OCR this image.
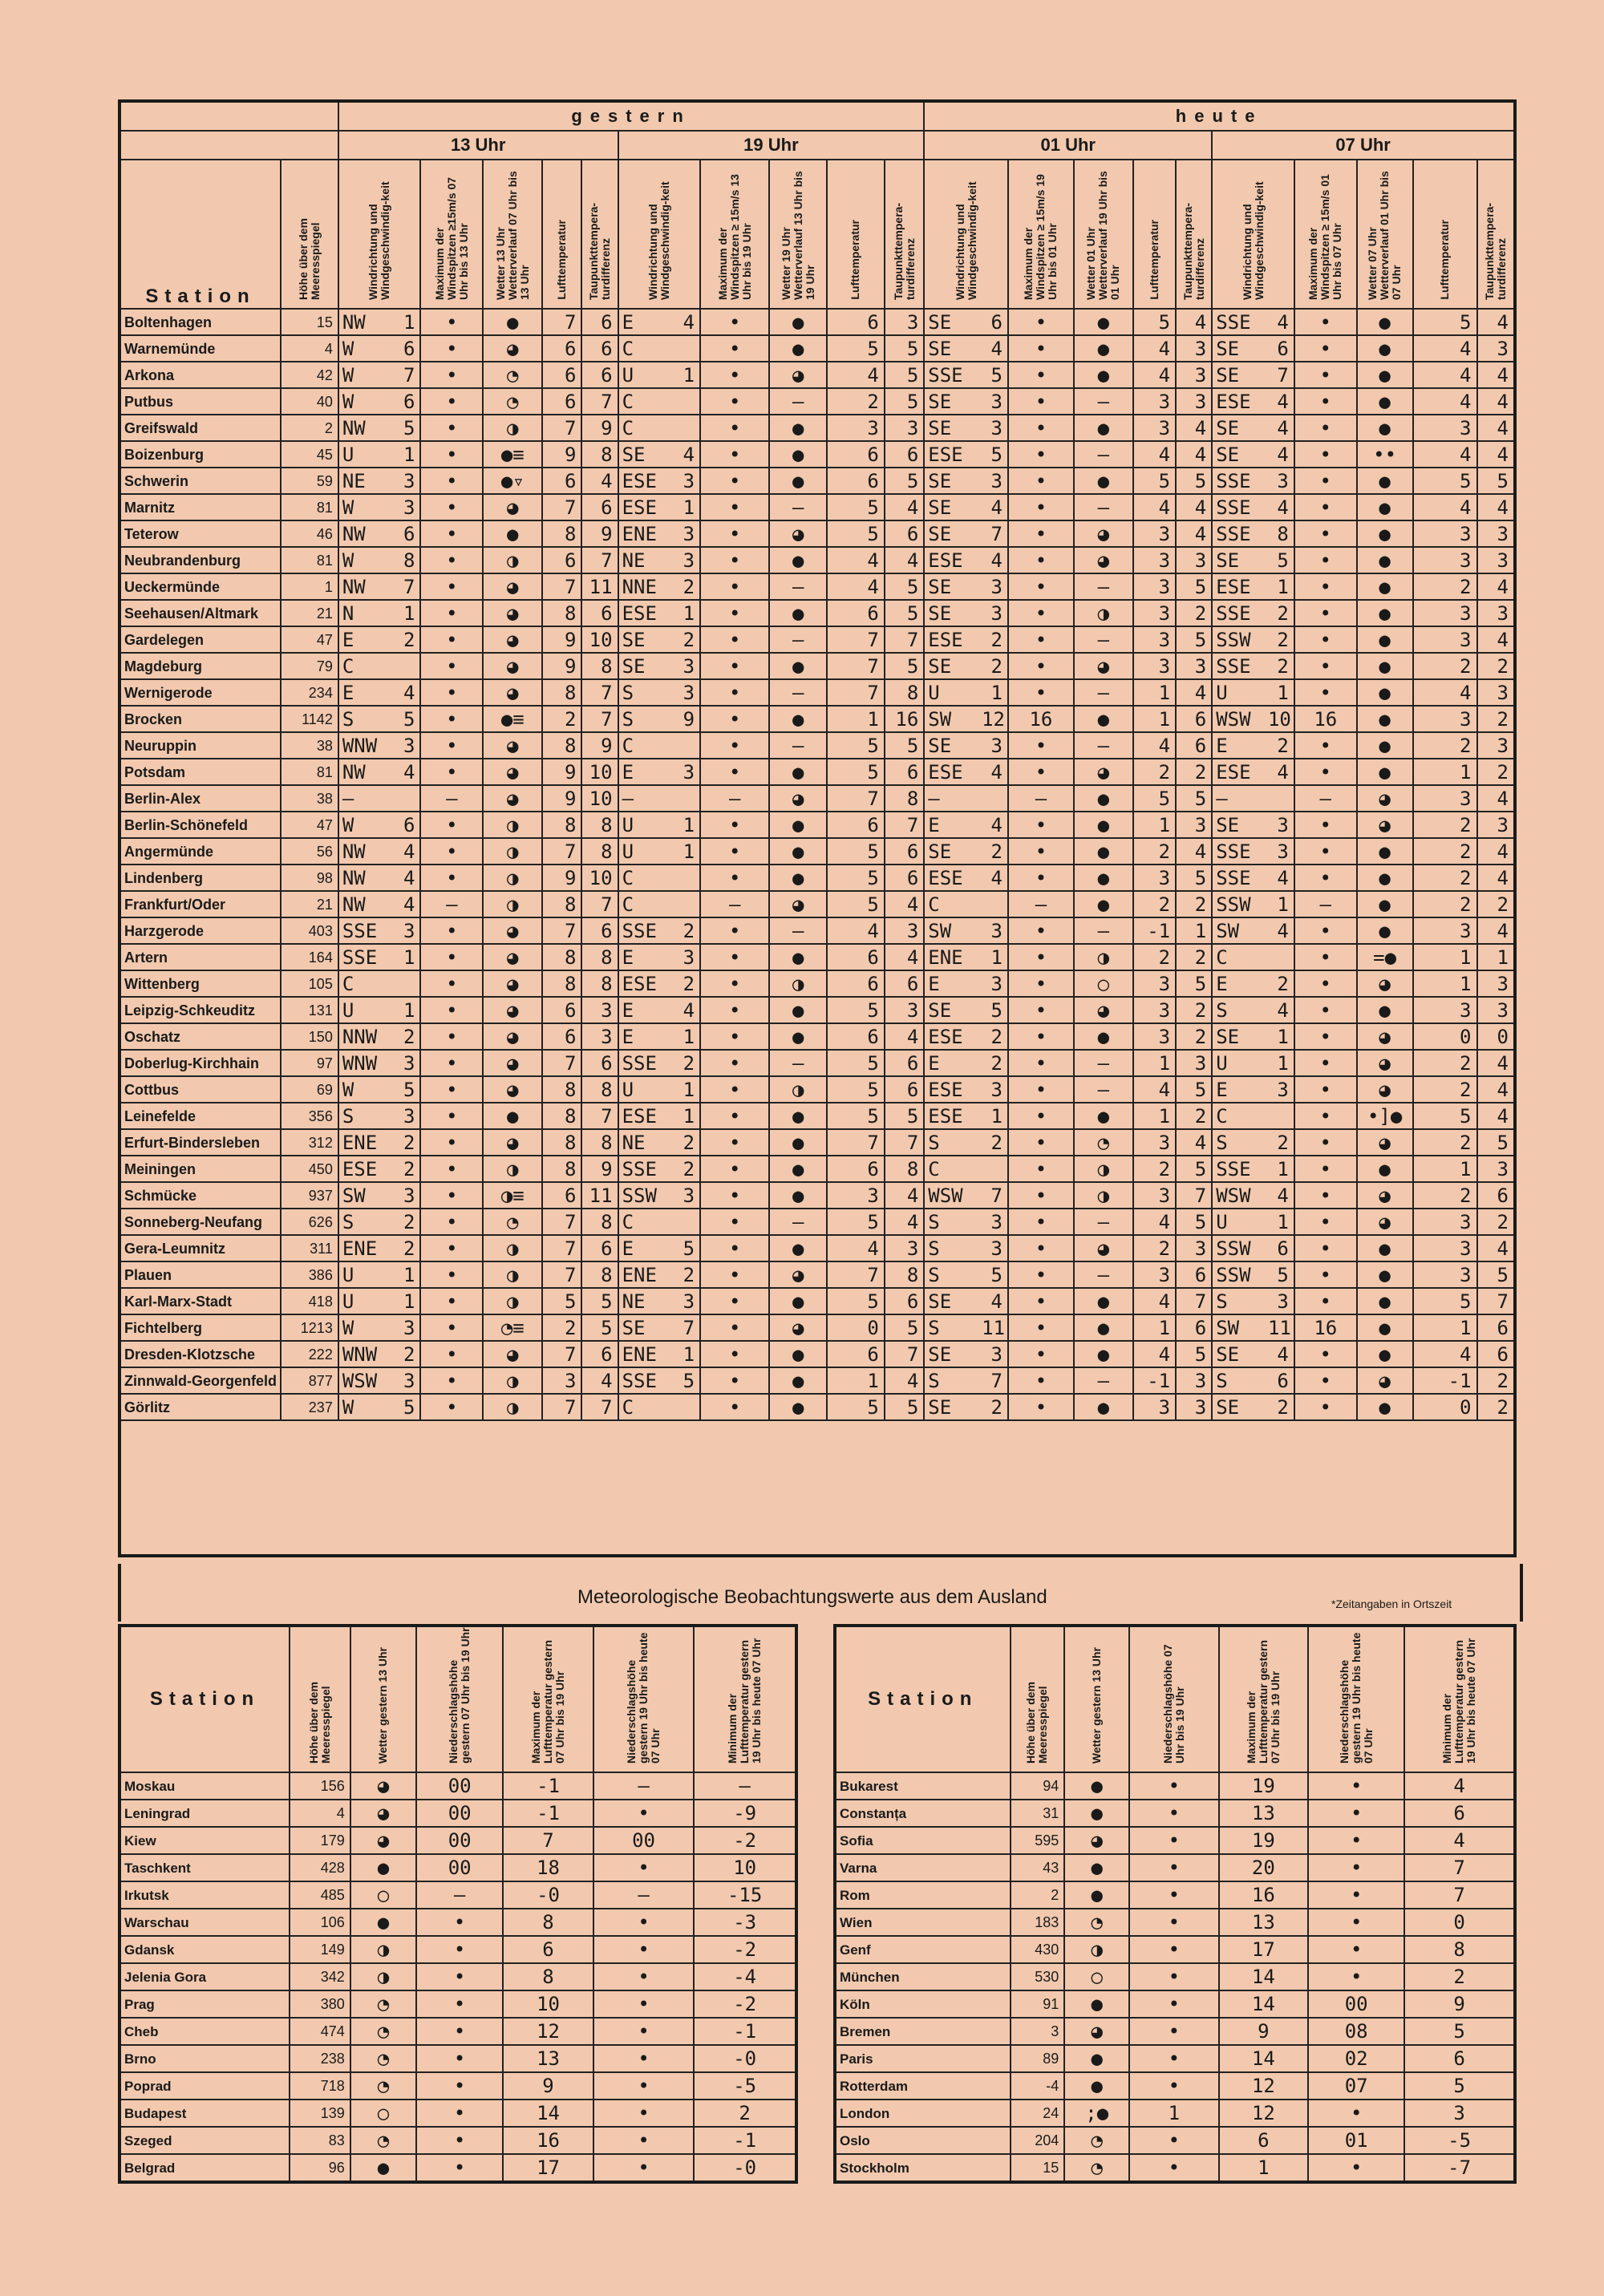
		gestern												heute											
		13 Uhr						19 Uhr						01 Uhr						07 Uhr					
Station	Höhe über dem Meeresspiegel	Windrichtung und Windgeschwindig-keit		Maximum der Windspitzen ≥15m/s 07 Uhr bis 13 Uhr	Wetter 13 Uhr Wetterverlauf 07 Uhr bis 13 Uhr	Lufttemperatur	Taupunkttempera-turdifferenz	Windrichtung und Windgeschwindig-keit		Maximum der Windspitzen ≥ 15m/s 13 Uhr bis 19 Uhr	Wetter 19 Uhr Wetterverlauf 13 Uhr bis 19 Uhr	Lufttemperatur	Taupunkttempera-turdifferenz	Windrichtung und Windgeschwindig-keit		Maximum der Windspitzen ≥ 15m/s 19 Uhr bis 01 Uhr	Wetter 01 Uhr Wetterverlauf 19 Uhr bis 01 Uhr	Lufttemperatur	Taupunkttempera-turdifferenz	Windrichtung und Windgeschwindig-keit		Maximum der Windspitzen ≥ 15m/s 01 Uhr bis 07 Uhr	Wetter 07 Uhr Wetterverlauf 01 Uhr bis 07 Uhr	Lufttemperatur	Taupunkttempera-turdifferenz
Boltenhagen	15	NW	1	•	●	7	6	E	4	•	●	6	3	SE	6	•	●	5	4	SSE	4	•	●	5	4
Warnemünde	4	W	6	•	◕	6	6	C		•	●	5	5	SE	4	•	●	4	3	SE	6	•	●	4	3
Arkona	42	W	7	•	◔	6	6	U	1	•	◕	4	5	SSE	5	•	●	4	3	SE	7	•	●	4	4
Putbus	40	W	6	•	◔	6	7	C		•	–	2	5	SE	3	•	–	3	3	ESE	4	•	●	4	4
Greifswald	2	NW	5	•	◑	7	9	C		•	●	3	3	SE	3	•	●	3	4	SE	4	•	●	3	4
Boizenburg	45	U	1	•	●≡	9	8	SE	4	•	●	6	6	ESE	5	•	–	4	4	SE	4	•	••	4	4
Schwerin	59	NE	3	•	●▿	6	4	ESE	3	•	●	6	5	SE	3	•	●	5	5	SSE	3	•	●	5	5
Marnitz	81	W	3	•	◕	7	6	ESE	1	•	–	5	4	SE	4	•	–	4	4	SSE	4	•	●	4	4
Teterow	46	NW	6	•	●	8	9	ENE	3	•	◕	5	6	SE	7	•	◕	3	4	SSE	8	•	●	3	3
Neubrandenburg	81	W	8	•	◑	6	7	NE	3	•	●	4	4	ESE	4	•	◕	3	3	SE	5	•	●	3	3
Ueckermünde	1	NW	7	•	◕	7	11	NNE	2	•	–	4	5	SE	3	•	–	3	5	ESE	1	•	●	2	4
Seehausen/Altmark	21	N	1	•	◕	8	6	ESE	1	•	●	6	5	SE	3	•	◑	3	2	SSE	2	•	●	3	3
Gardelegen	47	E	2	•	◕	9	10	SE	2	•	–	7	7	ESE	2	•	–	3	5	SSW	2	•	●	3	4
Magdeburg	79	C		•	◕	9	8	SE	3	•	●	7	5	SE	2	•	◕	3	3	SSE	2	•	●	2	2
Wernigerode	234	E	4	•	◕	8	7	S	3	•	–	7	8	U	1	•	–	1	4	U	1	•	●	4	3
Brocken	1142	S	5	•	●≡	2	7	S	9	•	●	1	16	SW	12	16	●	1	6	WSW	10	16	●	3	2
Neuruppin	38	WNW	3	•	◕	8	9	C		•	–	5	5	SE	3	•	–	4	6	E	2	•	●	2	3
Potsdam	81	NW	4	•	◕	9	10	E	3	•	●	5	6	ESE	4	•	◕	2	2	ESE	4	•	●	1	2
Berlin-Alex	38	–		–	◕	9	10	–		–	◕	7	8	–		–	●	5	5	–		–	◕	3	4
Berlin-Schönefeld	47	W	6	•	◑	8	8	U	1	•	●	6	7	E	4	•	●	1	3	SE	3	•	◕	2	3
Angermünde	56	NW	4	•	◑	7	8	U	1	•	●	5	6	SE	2	•	●	2	4	SSE	3	•	●	2	4
Lindenberg	98	NW	4	•	◑	9	10	C		•	●	5	6	ESE	4	•	●	3	5	SSE	4	•	●	2	4
Frankfurt/Oder	21	NW	4	–	◑	8	7	C		–	◕	5	4	C		–	●	2	2	SSW	1	–	●	2	2
Harzgerode	403	SSE	3	•	◕	7	6	SSE	2	•	–	4	3	SW	3	•	–	-1	1	SW	4	•	●	3	4
Artern	164	SSE	1	•	◕	8	8	E	3	•	●	6	4	ENE	1	•	◑	2	2	C		•	=●	1	1
Wittenberg	105	C		•	◕	8	8	ESE	2	•	◑	6	6	E	3	•	○	3	5	E	2	•	◕	1	3
Leipzig-Schkeuditz	131	U	1	•	◕	6	3	E	4	•	●	5	3	SE	5	•	◕	3	2	S	4	•	●	3	3
Oschatz	150	NNW	2	•	◕	6	3	E	1	•	●	6	4	ESE	2	•	●	3	2	SE	1	•	◕	0	0
Doberlug-Kirchhain	97	WNW	3	•	◕	7	6	SSE	2	•	–	5	6	E	2	•	–	1	3	U	1	•	◕	2	4
Cottbus	69	W	5	•	◕	8	8	U	1	•	◑	5	6	ESE	3	•	–	4	5	E	3	•	◕	2	4
Leinefelde	356	S	3	•	●	8	7	ESE	1	•	●	5	5	ESE	1	•	●	1	2	C		•	•]●	5	4
Erfurt-Bindersleben	312	ENE	2	•	◕	8	8	NE	2	•	●	7	7	S	2	•	◔	3	4	S	2	•	◕	2	5
Meiningen	450	ESE	2	•	◑	8	9	SSE	2	•	●	6	8	C		•	◑	2	5	SSE	1	•	●	1	3
Schmücke	937	SW	3	•	◑≡	6	11	SSW	3	•	●	3	4	WSW	7	•	◑	3	7	WSW	4	•	◕	2	6
Sonneberg-Neufang	626	S	2	•	◔	7	8	C		•	–	5	4	S	3	•	–	4	5	U	1	•	◕	3	2
Gera-Leumnitz	311	ENE	2	•	◑	7	6	E	5	•	●	4	3	S	3	•	◕	2	3	SSW	6	•	●	3	4
Plauen	386	U	1	•	◑	7	8	ENE	2	•	◕	7	8	S	5	•	–	3	6	SSW	5	•	●	3	5
Karl-Marx-Stadt	418	U	1	•	◑	5	5	NE	3	•	●	5	6	SE	4	•	●	4	7	S	3	•	●	5	7
Fichtelberg	1213	W	3	•	◔≡	2	5	SE	7	•	◕	0	5	S	11	•	●	1	6	SW	11	16	●	1	6
Dresden-Klotzsche	222	WNW	2	•	◕	7	6	ENE	1	•	●	6	7	SE	3	•	●	4	5	SE	4	•	●	4	6
Zinnwald-Georgenfeld	877	WSW	3	•	◑	3	4	SSE	5	•	●	1	4	S	7	•	–	-1	3	S	6	•	◕	-1	2
Görlitz	237	W	5	•	◑	7	7	C		•	●	5	5	SE	2	•	●	3	3	SE	2	•	●	0	2

Meteorologische Beobachtungswerte aus dem Ausland	*Zeitangaben in Ortszeit
Station	Höhe über dem Meeresspiegel	Wetter gestern 13 Uhr	Niederschlagshöhe gestern 07 Uhr bis 19 Uhr	Maximum der Lufttemperatur gestern 07 Uhr bis 19 Uhr	Niederschlagshöhe gestern 19 Uhr bis heute 07 Uhr	Minimum der Lufttemperatur gestern 19 Uhr bis heute 07 Uhr
Moskau	156	◕	00	-1	–	–
Leningrad	4	◕	00	-1	•	-9
Kiew	179	◕	00	7	00	-2
Taschkent	428	●	00	18	•	10
Irkutsk	485	○	–	-0	–	-15
Warschau	106	●	•	8	•	-3
Gdansk	149	◑	•	6	•	-2
Jelenia Gora	342	◑	•	8	•	-4
Prag	380	◔	•	10	•	-2
Cheb	474	◔	•	12	•	-1
Brno	238	◔	•	13	•	-0
Poprad	718	◔	•	9	•	-5
Budapest	139	○	•	14	•	2
Szeged	83	◔	•	16	•	-1
Belgrad	96	●	•	17	•	-0
Station	Höhe über dem Meeresspiegel	Wetter gestern 13 Uhr	Niederschlagshöhe 07 Uhr bis 19 Uhr	Maximum der Lufttemperatur gestern 07 Uhr bis 19 Uhr	Niederschlagshöhe gestern 19 Uhr bis heute 07 Uhr	Minimum der Lufttemperatur gestern 19 Uhr bis heute 07 Uhr
Bukarest	94	●	•	19	•	4
Constanța	31	●	•	13	•	6
Sofia	595	◕	•	19	•	4
Varna	43	●	•	20	•	7
Rom	2	●	•	16	•	7
Wien	183	◔	•	13	•	0
Genf	430	◑	•	17	•	8
München	530	○	•	14	•	2
Köln	91	●	•	14	00	9
Bremen	3	◕	•	9	08	5
Paris	89	●	•	14	02	6
Rotterdam	-4	●	•	12	07	5
London	24	;●	1	12	•	3
Oslo	204	◔	•	6	01	-5
Stockholm	15	◔	•	1	•	-7
